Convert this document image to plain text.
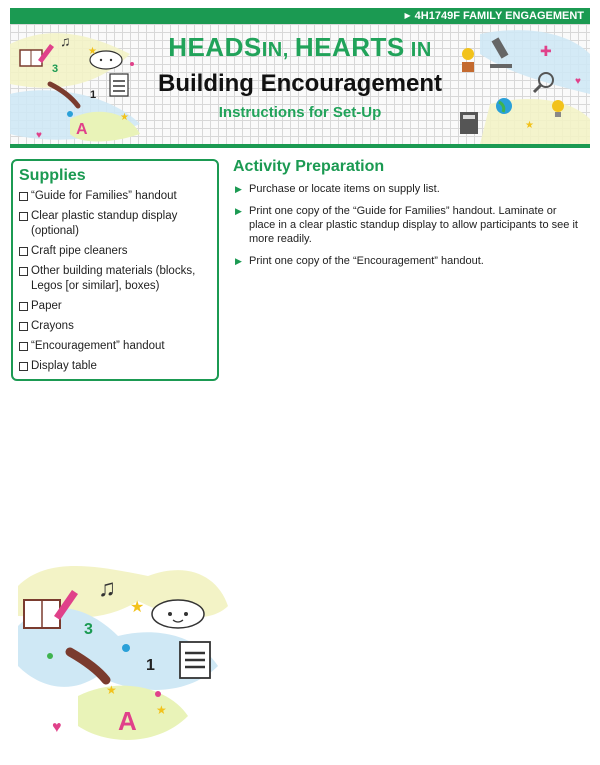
▶ 4H1749F FAMILY ENGAGEMENT
♫
3
1
A
♥
★
★	✚
♥
★
HEADSIN, HEARTS IN
Building Encouragement
Instructions for Set-Up
Supplies
“Guide for Families” handout
Clear plastic standup display (optional)
Craft pipe cleaners
Other building materials (blocks, Legos [or similar], boxes)
Paper
Crayons
“Encouragement” handout
Display table
Activity Preparation
▶ Purchase or locate items on supply list.
▶ Print one copy of the “Guide for Families” handout. Laminate or place in a clear plastic standup display to allow participants to see it more readily.
▶ Print one copy of the “Encouragement” handout.
♫
★
3
1
A
♥
★
★
